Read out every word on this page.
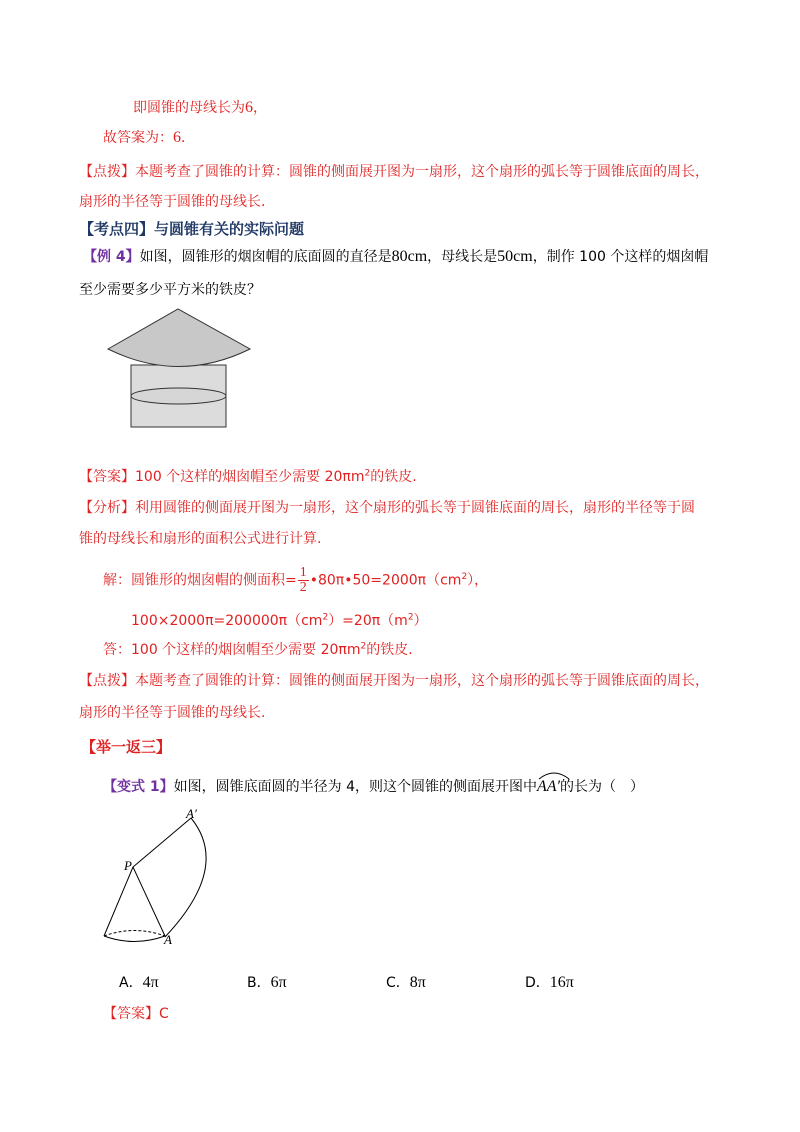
即圆锥的母线长为6，
故答案为：6．
【点拨】本题考查了圆锥的计算：圆锥的侧面展开图为一扇形，这个扇形的弧长等于圆锥底面的周长，
扇形的半径等于圆锥的母线长．
【考点四】与圆锥有关的实际问题
【例 4】如图，圆锥形的烟囱帽的底面圆的直径是80cm，母线长是50cm，制作 100 个这样的烟囱帽
至少需要多少平方米的铁皮？
【答案】100 个这样的烟囱帽至少需要 $20\pi m^2$的铁皮.
【分析】利用圆锥的侧面展开图为一扇形，这个扇形的弧长等于圆锥底面的周长，扇形的半径等于圆
锥的母线长和扇形的面积公式进行计算.
解：圆锥形的烟囱帽的侧面积= $\frac{1}{2}$ $•80\pi•50=2000\pi(cm^2)$，
$100\times 2000\pi=200000\pi(cm^2)=20\pi(m^2)$
答：100 个这样的烟囱帽至少需要 $20\pi m^2$的铁皮.
【点拨】本题考查了圆锥的计算：圆锥的侧面展开图为一扇形，这个扇形的弧长等于圆锥底面的周长，
扇形的半径等于圆锥的母线长.
【举一返三】
【变式 1】如图，圆锥底面圆的半径为 4，则这个圆锥的侧面展开图中
AA′的长为（　）
A′
P
A
A．4π	B．6π	C．8π	D．16π
【答案】C
